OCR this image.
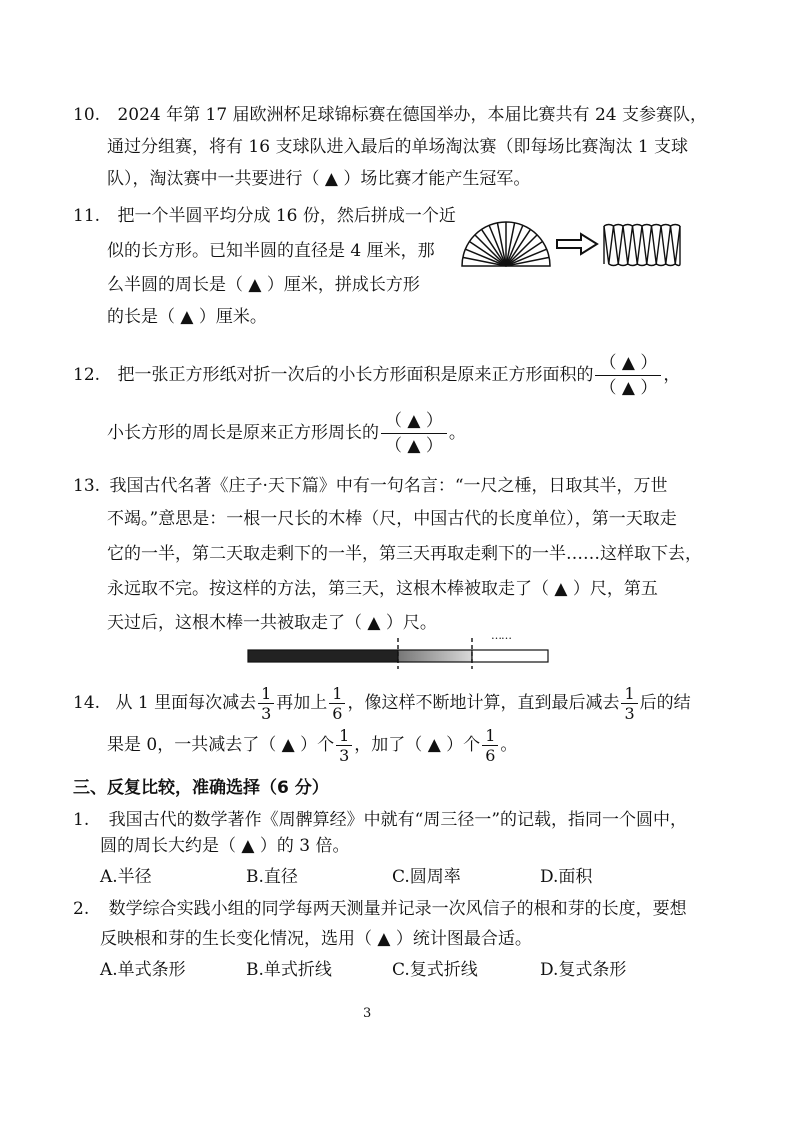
10. 2024 年第 17 届欧洲杯足球锦标赛在德国举办，本届比赛共有 24 支参赛队，
通过分组赛，将有 16 支球队进入最后的单场淘汰赛（即每场比赛淘汰 1 支球
队），淘汰赛中一共要进行（ ▲ ）场比赛才能产生冠军。
11. 把一个半圆平均分成 16 份，然后拼成一个近
似的长方形。已知半圆的直径是 4 厘米，那
么半圆的周长是（ ▲ ）厘米，拼成长方形
的长是（ ▲ ）厘米。
12. 把一张正方形纸对折一次后的小长方形面积是原来正方形面积的 $\frac{( ▲ )}{( ▲ )}$ ，
小长方形的周长是原来正方形周长的 $\frac{( ▲ )}{( ▲ )}$ 。
13. 我国古代名著《庄子·天下篇》中有一句名言：“一尺之棰，日取其半，万世
不竭。”意思是：一根一尺长的木棒（尺，中国古代的长度单位），第一天取走
它的一半，第二天取走剩下的一半，第三天再取走剩下的一半……这样取下去，
永远取不完。按这样的方法，第三天，这根木棒被取走了（ ▲ ）尺，第五
天过后，这根木棒一共被取走了（ ▲ ）尺。
……
14. 从 1 里面每次减去 $\frac{1}{3}$ 再加上 $\frac{1}{6}$ ，像这样不断地计算，直到最后减去 $\frac{1}{3}$ 后的结
果是 0，一共减去了（ ▲ ）个 $\frac{1}{3}$ ，加了（ ▲ ）个 $\frac{1}{6}$ 。
三、反复比较，准确选择（6 分）
1. 我国古代的数学著作《周髀算经》中就有“周三径一”的记载，指同一个圆中，
圆的周长大约是（ ▲ ）的 3 倍。
A.半径	B.直径	C.圆周率	D.面积
2. 数学综合实践小组的同学每两天测量并记录一次风信子的根和芽的长度，要想
反映根和芽的生长变化情况，选用（ ▲ ）统计图最合适。
A.单式条形	B.单式折线	C.复式折线	D.复式条形
3
